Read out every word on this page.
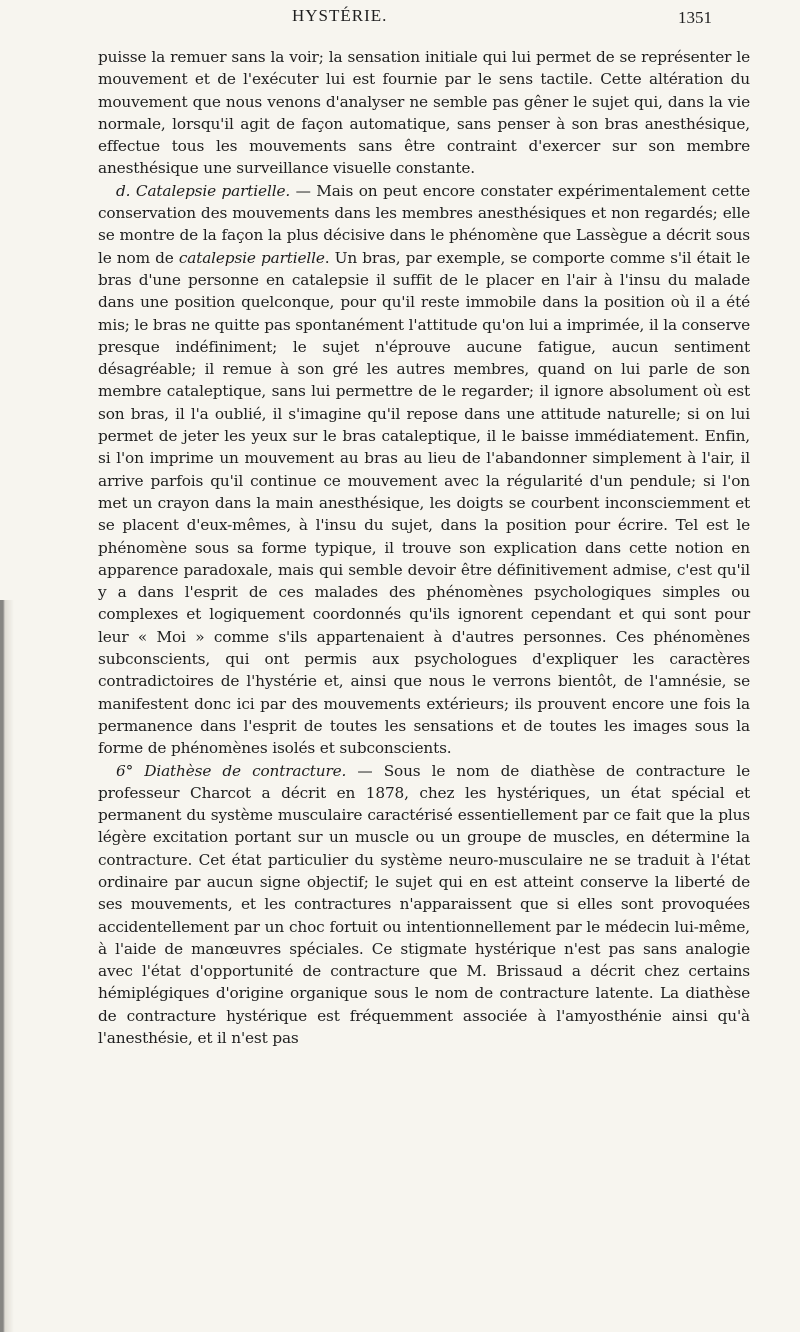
HYSTÉRIE.	1351

puisse la remuer sans la voir; la sensation initiale qui lui permet de se représenter le mouvement et de l'exécuter lui est fournie par le sens tactile. Cette altération du mouvement que nous venons d'analyser ne semble pas gêner le sujet qui, dans la vie normale, lorsqu'il agit de façon automatique, sans penser à son bras anesthésique, effectue tous les mouvements sans être contraint d'exercer sur son membre anesthésique une surveillance visuelle constante.

d. Catalepsie partielle. — Mais on peut encore constater expérimentalement cette conservation des mouvements dans les membres anesthésiques et non regardés; elle se montre de la façon la plus décisive dans le phénomène que Lassègue a décrit sous le nom de catalepsie partielle. Un bras, par exemple, se comporte comme s'il était le bras d'une personne en catalepsie il suffit de le placer en l'air à l'insu du malade dans une position quelconque, pour qu'il reste immobile dans la position où il a été mis; le bras ne quitte pas spontanément l'attitude qu'on lui a imprimée, il la conserve presque indéfiniment; le sujet n'éprouve aucune fatigue, aucun sentiment désagréable; il remue à son gré les autres membres, quand on lui parle de son membre cataleptique, sans lui permettre de le regarder; il ignore absolument où est son bras, il l'a oublié, il s'imagine qu'il repose dans une attitude naturelle; si on lui permet de jeter les yeux sur le bras cataleptique, il le baisse immédiatement. Enfin, si l'on imprime un mouvement au bras au lieu de l'abandonner simplement à l'air, il arrive parfois qu'il continue ce mouvement avec la régularité d'un pendule; si l'on met un crayon dans la main anesthésique, les doigts se courbent inconsciemment et se placent d'eux-mêmes, à l'insu du sujet, dans la position pour écrire. Tel est le phénomène sous sa forme typique, il trouve son explication dans cette notion en apparence paradoxale, mais qui semble devoir être définitivement admise, c'est qu'il y a dans l'esprit de ces malades des phénomènes psychologiques simples ou complexes et logiquement coordonnés qu'ils ignorent cependant et qui sont pour leur « Moi » comme s'ils appartenaient à d'autres personnes. Ces phénomènes subconscients, qui ont permis aux psychologues d'expliquer les caractères contradictoires de l'hystérie et, ainsi que nous le verrons bientôt, de l'amnésie, se manifestent donc ici par des mouvements extérieurs; ils prouvent encore une fois la permanence dans l'esprit de toutes les sensations et de toutes les images sous la forme de phénomènes isolés et subconscients.

6° Diathèse de contracture. — Sous le nom de diathèse de contracture le professeur Charcot a décrit en 1878, chez les hystériques, un état spécial et permanent du système musculaire caractérisé essentiellement par ce fait que la plus légère excitation portant sur un muscle ou un groupe de muscles, en détermine la contracture. Cet état particulier du système neuro-musculaire ne se traduit à l'état ordinaire par aucun signe objectif; le sujet qui en est atteint conserve la liberté de ses mouvements, et les contractures n'apparaissent que si elles sont provoquées accidentellement par un choc fortuit ou intentionnellement par le médecin lui-même, à l'aide de manœuvres spéciales. Ce stigmate hystérique n'est pas sans analogie avec l'état d'opportunité de contracture que M. Brissaud a décrit chez certains hémiplégiques d'origine organique sous le nom de contracture latente. La diathèse de contracture hystérique est fréquemment associée à l'amyosthénie ainsi qu'à l'anesthésie, et il n'est pas
